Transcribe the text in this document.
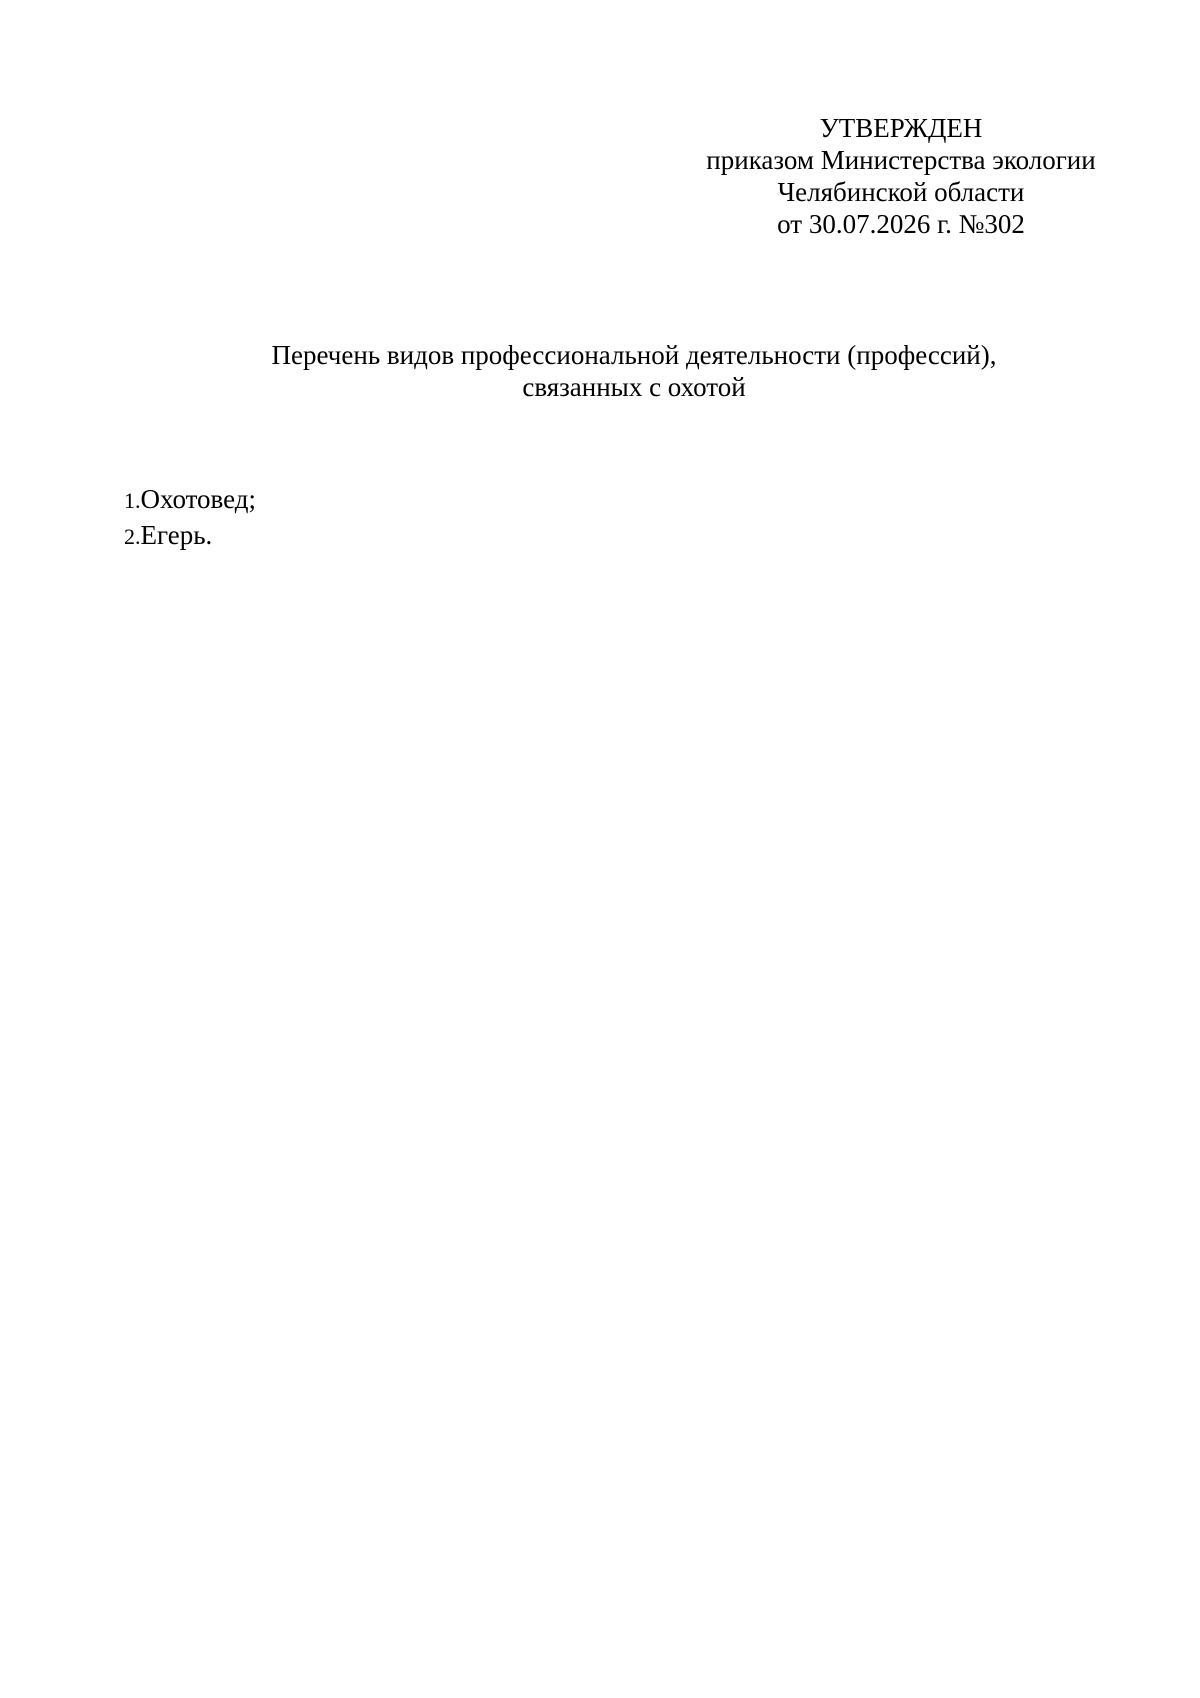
УТВЕРЖДЕН
приказом Министерства экологии
Челябинской области
от 30.07.2026 г. №302
Перечень видов профессиональной деятельности (профессий),
связанных с охотой
1.Охотовед;
2.Егерь.
